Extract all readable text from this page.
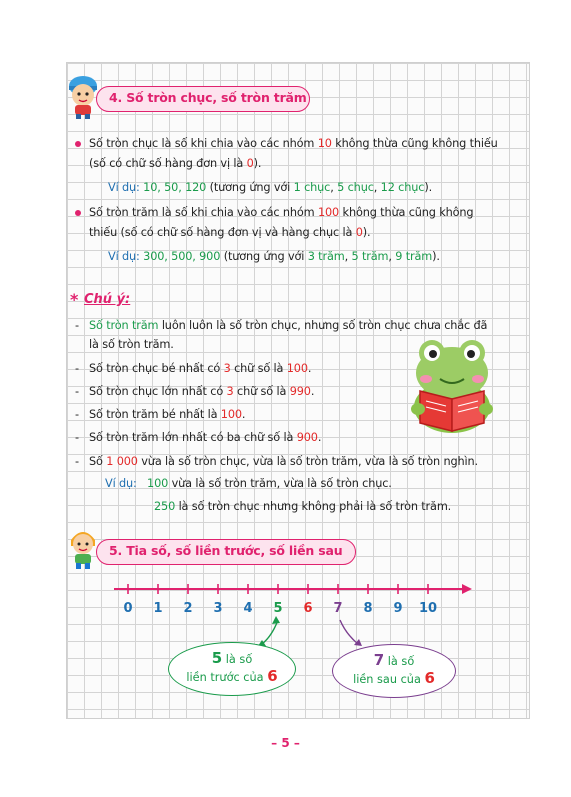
4. Số tròn chục, số tròn trăm
Số tròn chục là số khi chia vào các nhóm 10 không thừa cũng không thiếu
(số có chữ số hàng đơn vị là 0).
Ví dụ: 10, 50, 120 (tương ứng với 1 chục, 5 chục, 12 chục).
Số tròn trăm là số khi chia vào các nhóm 100 không thừa cũng không
thiếu (số có chữ số hàng đơn vị và hàng chục là 0).
Ví dụ: 300, 500, 900 (tương ứng với 3 trăm, 5 trăm, 9 trăm).
* Chú ý:
- Số tròn trăm luôn luôn là số tròn chục, nhưng số tròn chục chưa chắc đã
là số tròn trăm.
- Số tròn chục bé nhất có 3 chữ số là 100.
- Số tròn chục lớn nhất có 3 chữ số là 990.
- Số tròn trăm bé nhất là 100.
- Số tròn trăm lớn nhất có ba chữ số là 900.
- Số 1 000 vừa là số tròn chục, vừa là số tròn trăm, vừa là số tròn nghìn.
Ví dụ: 100 vừa là số tròn trăm, vừa là số tròn chục.
250 là số tròn chục nhưng không phải là số tròn trăm.
5. Tia số, số liền trước, số liền sau
0	1	2	3	4	5	6	7	8	9	10
5 là số
liền trước của 6
7 là số
liền sau của 6
– 5 –
